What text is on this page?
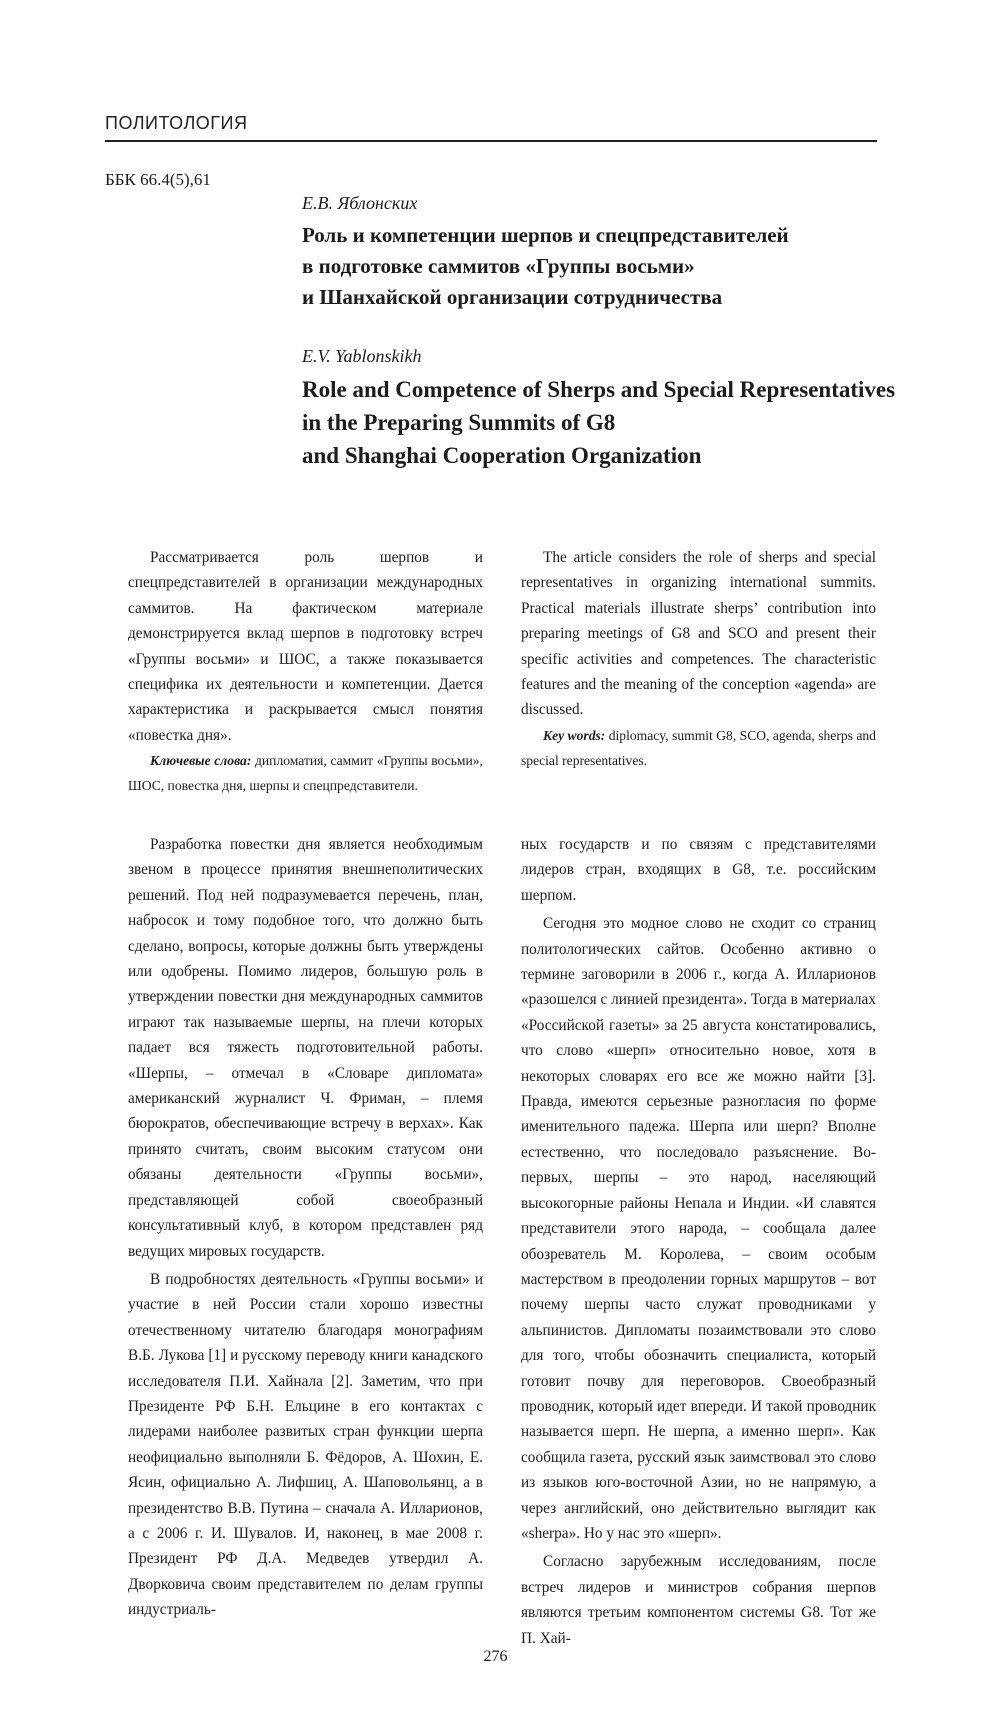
ПОЛИТОЛОГИЯ
ББК 66.4(5),61
Е.В. Яблонских
Роль и компетенции шерпов и спецпредставителей
в подготовке саммитов «Группы восьми»
и Шанхайской организации сотрудничества
E.V. Yablonskikh
Role and Competence of Sherps and Special Representatives
in the Preparing Summits of G8
and Shanghai Cooperation Organization

Рассматривается роль шерпов и спецпредставителей в организации международных саммитов. На фактическом материале демонстрируется вклад шерпов в подготовку встреч «Группы восьми» и ШОС, а также показывается специфика их деятельности и компетенции. Дается характеристика и раскрывается смысл понятия «повестка дня».

Ключевые слова: дипломатия, саммит «Группы восьми», ШОС, повестка дня, шерпы и спецпредставители.

The article considers the role of sherps and special representatives in organizing international summits. Practical materials illustrate sherps’ contribution into preparing meetings of G8 and SCO and present their specific activities and competences. The characteristic features and the meaning of the conception «agenda» are discussed.

Key words: diplomacy, summit G8, SCO, agenda, sherps and special representatives.

Разработка повестки дня является необходимым звеном в процессе принятия внешнеполитических решений. Под ней подразумевается перечень, план, набросок и тому подобное того, что должно быть сделано, вопросы, которые должны быть утверждены или одобрены. Помимо лидеров, большую роль в утверждении повестки дня международных саммитов играют так называемые шерпы, на плечи которых падает вся тяжесть подготовительной работы. «Шерпы, – отмечал в «Словаре дипломата» американский журналист Ч. Фриман, – племя бюрократов, обеспечивающие встречу в верхах». Как принято считать, своим высоким статусом они обязаны деятельности «Группы восьми», представляющей собой своеобразный консультативный клуб, в котором представлен ряд ведущих мировых государств.

В подробностях деятельность «Группы восьми» и участие в ней России стали хорошо известны отечественному читателю благодаря монографиям В.Б. Лукова [1] и русскому переводу книги канадского исследователя П.И. Хайнала [2]. Заметим, что при Президенте РФ Б.Н. Ельцине в его контактах с лидерами наиболее развитых стран функции шерпа неофициально выполняли Б. Фёдоров, А. Шохин, Е. Ясин, официально А. Лифшиц, А. Шаповольянц, а в президентство В.В. Путина – сначала А. Илларионов, а с 2006 г. И. Шувалов. И, наконец, в мае 2008 г. Президент РФ Д.А. Медведев утвердил А. Дворковича своим представителем по делам группы индустриаль-

ных государств и по связям с представителями лидеров стран, входящих в G8, т.е. российским шерпом.

Сегодня это модное слово не сходит со страниц политологических сайтов. Особенно активно о термине заговорили в 2006 г., когда А. Илларионов «разошелся с линией президента». Тогда в материалах «Российской газеты» за 25 августа констатировались, что слово «шерп» относительно новое, хотя в некоторых словарях его все же можно найти [3]. Правда, имеются серьезные разногласия по форме именительного падежа. Шерпа или шерп? Вполне естественно, что последовало разъяснение. Во-первых, шерпы – это народ, населяющий высокогорные районы Непала и Индии. «И славятся представители этого народа, – сообщала далее обозреватель М. Королева, – своим особым мастерством в преодолении горных маршрутов – вот почему шерпы часто служат проводниками у альпинистов. Дипломаты позаимствовали это слово для того, чтобы обозначить специалиста, который готовит почву для переговоров. Своеобразный проводник, который идет впереди. И такой проводник называется шерп. Не шерпа, а именно шерп». Как сообщила газета, русский язык заимствовал это слово из языков юго-восточной Азии, но не напрямую, а через английский, оно действительно выглядит как «sherpa». Но у нас это «шерп».

Согласно зарубежным исследованиям, после встреч лидеров и министров собрания шерпов являются третьим компонентом системы G8. Тот же П. Хай-

276
